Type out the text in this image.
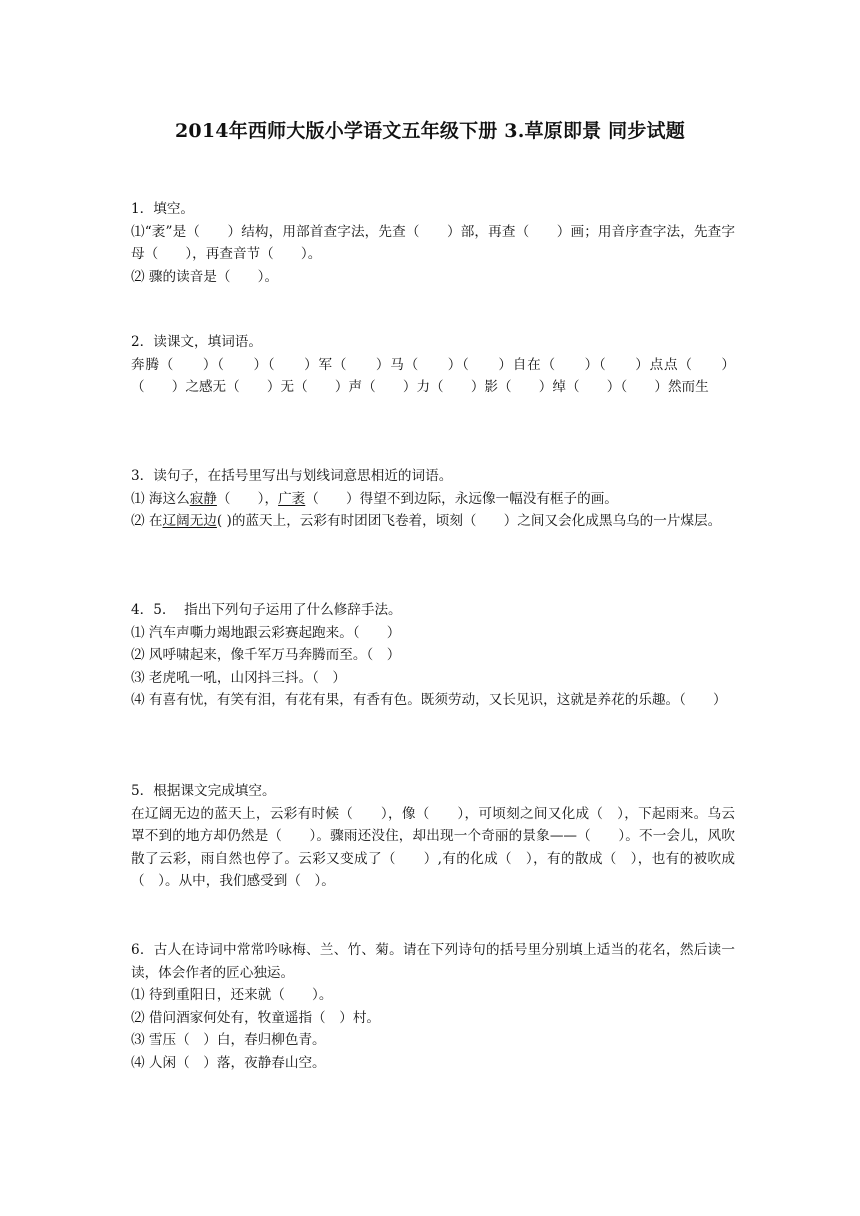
2014年西师大版小学语文五年级下册 3.草原即景 同步试题
1．填空。
⑴“袤”是（　　）结构，用部首查字法，先查（　　）部，再查（　　）画；用音序查字法，先查字母（　　），再查音节（　　）。
⑵ 骤的读音是（　　）。
2．读课文，填词语。
奔腾（　　）（　　）（　　）军（　　）马（　　）（　　）自在（　　）（　　）点点（　　）（　　）之感无（　　）无（　　）声（　　）力（　　）影（　　）绰（　　）（　　）然而生
3．读句子，在括号里写出与划线词意思相近的词语。
⑴ 海这么寂静（　　），广袤（　　）得望不到边际，永远像一幅没有框子的画。
⑵ 在辽阔无边( )的蓝天上，云彩有时团团飞卷着，顷刻（　　）之间又会化成黑乌乌的一片煤层。
4．5.　 指出下列句子运用了什么修辞手法。
⑴ 汽车声嘶力竭地跟云彩赛起跑来。（　　）
⑵ 风呼啸起来，像千军万马奔腾而至。（　）
⑶ 老虎吼一吼，山冈抖三抖。（　）
⑷ 有喜有忧，有笑有泪，有花有果，有香有色。既须劳动，又长见识，这就是养花的乐趣。（　　）
5．根据课文完成填空。
在辽阔无边的蓝天上，云彩有时候（　　），像（　　），可顷刻之间又化成（　），下起雨来。乌云罩不到的地方却仍然是（　　）。骤雨还没住，却出现一个奇丽的景象——（　　）。不一会儿，风吹散了云彩，雨自然也停了。云彩又变成了（　　）,有的化成（　），有的散成（　），也有的被吹成（　）。从中，我们感受到（　）。
6．古人在诗词中常常吟咏梅、兰、竹、菊。请在下列诗句的括号里分别填上适当的花名，然后读一读，体会作者的匠心独运。
⑴ 待到重阳日，还来就（　　）。
⑵ 借问酒家何处有，牧童遥指（　）村。
⑶ 雪压（　）白，春归柳色青。
⑷ 人闲（　）落，夜静春山空。
